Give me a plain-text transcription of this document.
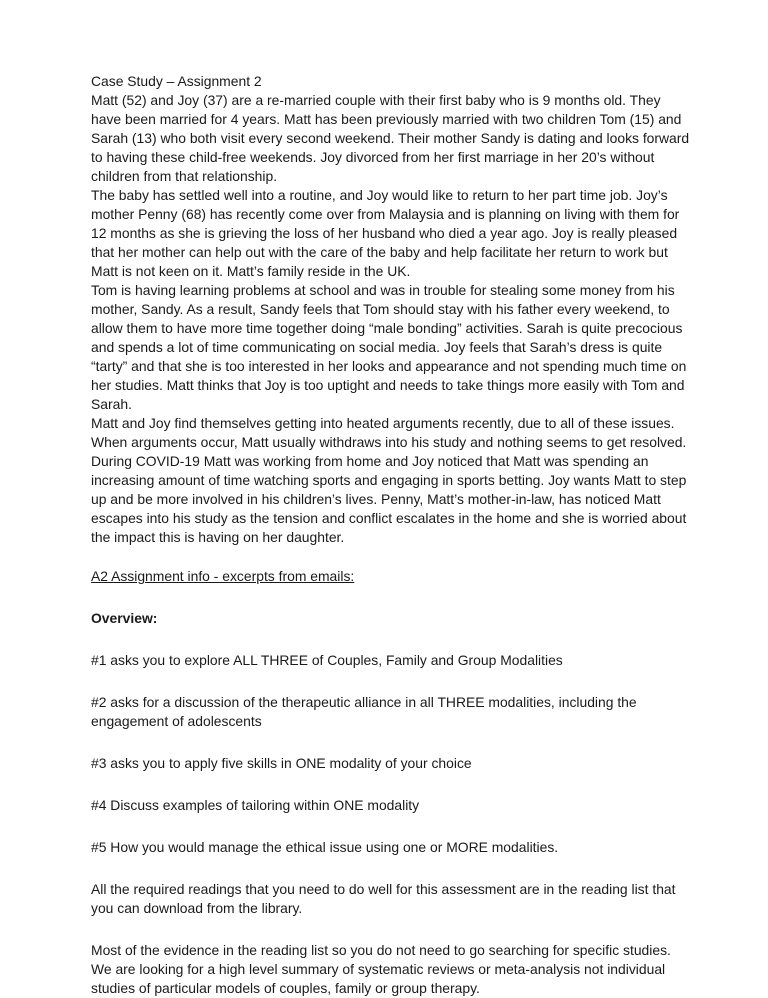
Case Study – Assignment 2

Matt (52) and Joy (37) are a re-married couple with their first baby who is 9 months old. They have been married for 4 years. Matt has been previously married with two children Tom (15) and Sarah (13) who both visit every second weekend. Their mother Sandy is dating and looks forward to having these child-free weekends. Joy divorced from her first marriage in her 20’s without children from that relationship.

The baby has settled well into a routine, and Joy would like to return to her part time job. Joy’s mother Penny (68) has recently come over from Malaysia and is planning on living with them for 12 months as she is grieving the loss of her husband who died a year ago. Joy is really pleased that her mother can help out with the care of the baby and help facilitate her return to work but Matt is not keen on it. Matt’s family reside in the UK.

Tom is having learning problems at school and was in trouble for stealing some money from his mother, Sandy. As a result, Sandy feels that Tom should stay with his father every weekend, to allow them to have more time together doing “male bonding” activities. Sarah is quite precocious and spends a lot of time communicating on social media. Joy feels that Sarah’s dress is quite “tarty” and that she is too interested in her looks and appearance and not spending much time on her studies. Matt thinks that Joy is too uptight and needs to take things more easily with Tom and Sarah.

Matt and Joy find themselves getting into heated arguments recently, due to all of these issues. When arguments occur, Matt usually withdraws into his study and nothing seems to get resolved. During COVID-19 Matt was working from home and Joy noticed that Matt was spending an increasing amount of time watching sports and engaging in sports betting. Joy wants Matt to step up and be more involved in his children’s lives. Penny, Matt’s mother-in-law, has noticed Matt escapes into his study as the tension and conflict escalates in the home and she is worried about the impact this is having on her daughter.

A2 Assignment info - excerpts from emails:

Overview:

#1 asks you to explore ALL THREE of Couples, Family and Group Modalities

#2 asks for a discussion of the therapeutic alliance in all THREE modalities, including the engagement of adolescents

#3 asks you to apply five skills in ONE modality of your choice

#4 Discuss examples of tailoring within ONE modality

#5 How you would manage the ethical issue using one or MORE modalities.

All the required readings that you need to do well for this assessment are in the reading list that you can download from the library.

Most of the evidence in the reading list so you do not need to go searching for specific studies. We are looking for a high level summary of systematic reviews or meta-analysis not individual studies of particular models of couples, family or group therapy.
